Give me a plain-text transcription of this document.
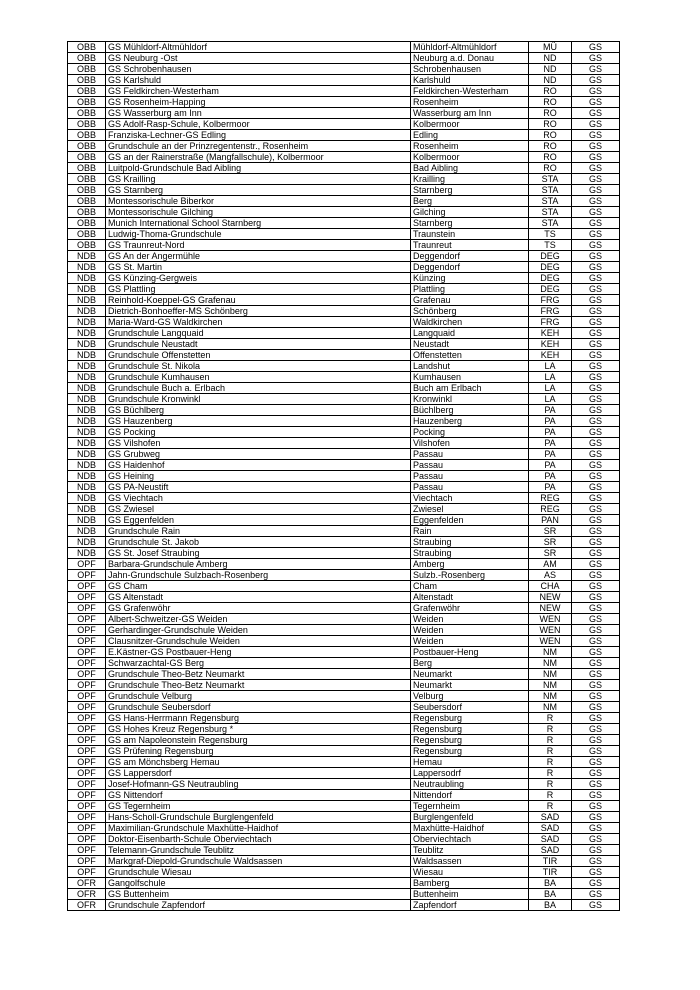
OBB	GS Mühldorf-Altmühldorf	Mühldorf-Altmühldorf	MÜ	GS
OBB	GS Neuburg -Ost	Neuburg a.d. Donau	ND	GS
OBB	GS Schrobenhausen	Schrobenhausen	ND	GS
OBB	GS Karlshuld	Karlshuld	ND	GS
OBB	GS Feldkirchen-Westerham	Feldkirchen-Westerham	RO	GS
OBB	GS Rosenheim-Happing	Rosenheim	RO	GS
OBB	GS Wasserburg am Inn	Wasserburg am Inn	RO	GS
OBB	GS Adolf-Rasp-Schule, Kolbermoor	Kolbermoor	RO	GS
OBB	Franziska-Lechner-GS Edling	Edling	RO	GS
OBB	Grundschule an der Prinzregentenstr., Rosenheim	Rosenheim	RO	GS
OBB	GS an der Rainerstraße (Mangfallschule), Kolbermoor	Kolbermoor	RO	GS
OBB	Luitpold-Grundschule Bad Aibling	Bad Aibling	RO	GS
OBB	GS Krailling	Krailling	STA	GS
OBB	GS Starnberg	Starnberg	STA	GS
OBB	Montessorischule Biberkor	Berg	STA	GS
OBB	Montessorischule Gilching	Gilching	STA	GS
OBB	Munich International School Starnberg	Starnberg	STA	GS
OBB	Ludwig-Thoma-Grundschule	Traunstein	TS	GS
OBB	GS Traunreut-Nord	Traunreut	TS	GS
NDB	GS An der Angermühle	Deggendorf	DEG	GS
NDB	GS St. Martin	Deggendorf	DEG	GS
NDB	GS Künzing-Gergweis	Künzing	DEG	GS
NDB	GS Plattling	Plattling	DEG	GS
NDB	Reinhold-Koeppel-GS Grafenau	Grafenau	FRG	GS
NDB	Dietrich-Bonhoeffer-MS Schönberg	Schönberg	FRG	GS
NDB	Maria-Ward-GS Waldkirchen	Waldkirchen	FRG	GS
NDB	Grundschule Langquaid	Langquaid	KEH	GS
NDB	Grundschule Neustadt	Neustadt	KEH	GS
NDB	Grundschule Offenstetten	Offenstetten	KEH	GS
NDB	Grundschule St. Nikola	Landshut	LA	GS
NDB	Grundschule Kumhausen	Kumhausen	LA	GS
NDB	Grundschule Buch a. Erlbach	Buch am Erlbach	LA	GS
NDB	Grundschule Kronwinkl	Kronwinkl	LA	GS
NDB	GS Büchlberg	Büchlberg	PA	GS
NDB	GS Hauzenberg	Hauzenberg	PA	GS
NDB	GS Pocking	Pocking	PA	GS
NDB	GS Vilshofen	Vilshofen	PA	GS
NDB	GS Grubweg	Passau	PA	GS
NDB	GS Haidenhof	Passau	PA	GS
NDB	GS Heining	Passau	PA	GS
NDB	GS PA-Neustift	Passau	PA	GS
NDB	GS Viechtach	Viechtach	REG	GS
NDB	GS Zwiesel	Zwiesel	REG	GS
NDB	GS Eggenfelden	Eggenfelden	PAN	GS
NDB	Grundschule Rain	Rain	SR	GS
NDB	Grundschule St. Jakob	Straubing	SR	GS
NDB	GS St. Josef Straubing	Straubing	SR	GS
OPF	Barbara-Grundschule Amberg	Amberg	AM	GS
OPF	Jahn-Grundschule Sulzbach-Rosenberg	Sulzb.-Rosenberg	AS	GS
OPF	GS Cham	Cham	CHA	GS
OPF	GS Altenstadt	Altenstadt	NEW	GS
OPF	GS Grafenwöhr	Grafenwöhr	NEW	GS
OPF	Albert-Schweitzer-GS Weiden	Weiden	WEN	GS
OPF	Gerhardinger-Grundschule Weiden	Weiden	WEN	GS
OPF	Clausnitzer-Grundschule Weiden	Weiden	WEN	GS
OPF	E.Kästner-GS Postbauer-Heng	Postbauer-Heng	NM	GS
OPF	Schwarzachtal-GS Berg	Berg	NM	GS
OPF	Grundschule Theo-Betz Neumarkt	Neumarkt	NM	GS
OPF	Grundschule Theo-Betz Neumarkt	Neumarkt	NM	GS
OPF	Grundschule Velburg	Velburg	NM	GS
OPF	Grundschule Seubersdorf	Seubersdorf	NM	GS
OPF	GS Hans-Herrmann Regensburg	Regensburg	R	GS
OPF	GS Hohes Kreuz Regensburg *	Regensburg	R	GS
OPF	GS am Napoleonstein Regensburg	Regensburg	R	GS
OPF	GS Prüfening Regensburg	Regensburg	R	GS
OPF	GS am Mönchsberg Hemau	Hemau	R	GS
OPF	GS Lappersdorf	Lappersodrf	R	GS
OPF	Josef-Hofmann-GS Neutraubling	Neutraubling	R	GS
OPF	GS Nittendorf	Nittendorf	R	GS
OPF	GS Tegernheim	Tegernheim	R	GS
OPF	Hans-Scholl-Grundschule Burglengenfeld	Burglengenfeld	SAD	GS
OPF	Maximilian-Grundschule Maxhütte-Haidhof	Maxhütte-Haidhof	SAD	GS
OPF	Doktor-Eisenbarth-Schule Oberviechtach	Oberviechtach	SAD	GS
OPF	Telemann-Grundschule Teublitz	Teublitz	SAD	GS
OPF	Markgraf-Diepold-Grundschule Waldsassen	Waldsassen	TIR	GS
OPF	Grundschule Wiesau	Wiesau	TIR	GS
OFR	Gangolfschule	Bamberg	BA	GS
OFR	GS Buttenheim	Buttenheim	BA	GS
OFR	Grundschule Zapfendorf	Zapfendorf	BA	GS
